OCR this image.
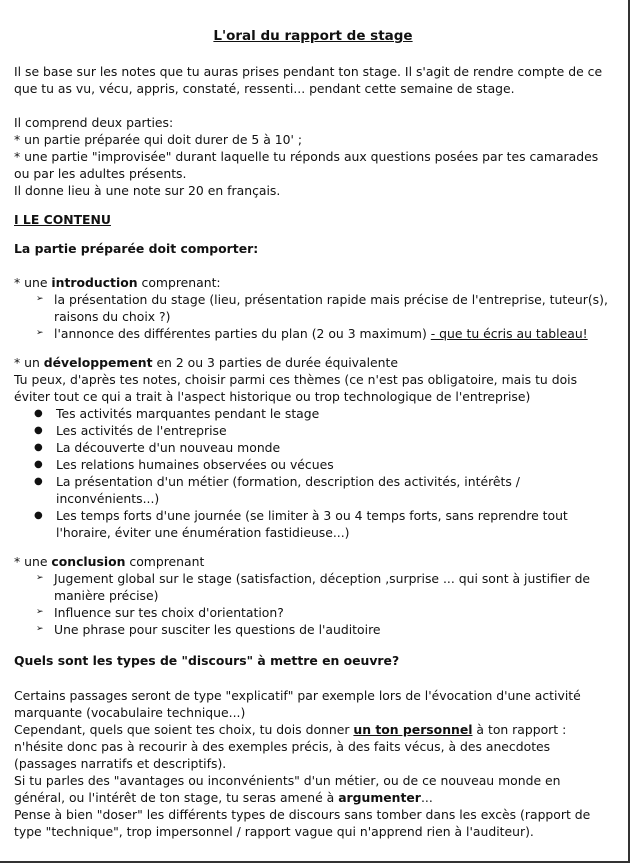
L'oral du rapport de stage

Il se base sur les notes que tu auras prises pendant ton stage. Il s'agit de rendre compte de ce que tu as vu, vécu, appris, constaté, ressenti... pendant cette semaine de stage.

Il comprend deux parties:

* un partie préparée qui doit durer de 5 à 10' ;

* une partie "improvisée" durant laquelle tu réponds aux questions posées par tes camarades ou par les adultes présents.

Il donne lieu à une note sur 20 en français.

I LE CONTENU

La partie préparée doit comporter:

* une introduction comprenant:

➢ la présentation du stage (lieu, présentation rapide mais précise de l'entreprise, tuteur(s), raisons du choix ?)
➢ l'annonce des différentes parties du plan (2 ou 3 maximum) - que tu écris au tableau!

* un développement en 2 ou 3 parties de durée équivalente

Tu peux, d'après tes notes, choisir parmi ces thèmes (ce n'est pas obligatoire, mais tu dois éviter tout ce qui a trait à l'aspect historique ou trop technologique de l'entreprise)

● Tes activités marquantes pendant le stage
● Les activités de l'entreprise
● La découverte d'un nouveau monde
● Les relations humaines observées ou vécues
● La présentation d'un métier (formation, description des activités, intérêts / inconvénients...)
● Les temps forts d'une journée (se limiter à 3 ou 4 temps forts, sans reprendre tout l'horaire, éviter une énumération fastidieuse...)

* une conclusion comprenant

➢ Jugement global sur le stage (satisfaction, déception ,surprise ... qui sont à justifier de manière précise)
➢ Influence sur tes choix d'orientation?
➢ Une phrase pour susciter les questions de l'auditoire

Quels sont les types de "discours" à mettre en oeuvre?

Certains passages seront de type "explicatif" par exemple lors de l'évocation d'une activité marquante (vocabulaire technique...)

Cependant, quels que soient tes choix, tu dois donner un ton personnel à ton rapport : n'hésite donc pas à recourir à des exemples précis, à des faits vécus, à des anecdotes (passages narratifs et descriptifs).

Si tu parles des "avantages ou inconvénients" d'un métier, ou de ce nouveau monde en général, ou l'intérêt de ton stage, tu seras amené à argumenter...

Pense à bien "doser" les différents types de discours sans tomber dans les excès (rapport de type "technique", trop impersonnel / rapport vague qui n'apprend rien à l'auditeur).
